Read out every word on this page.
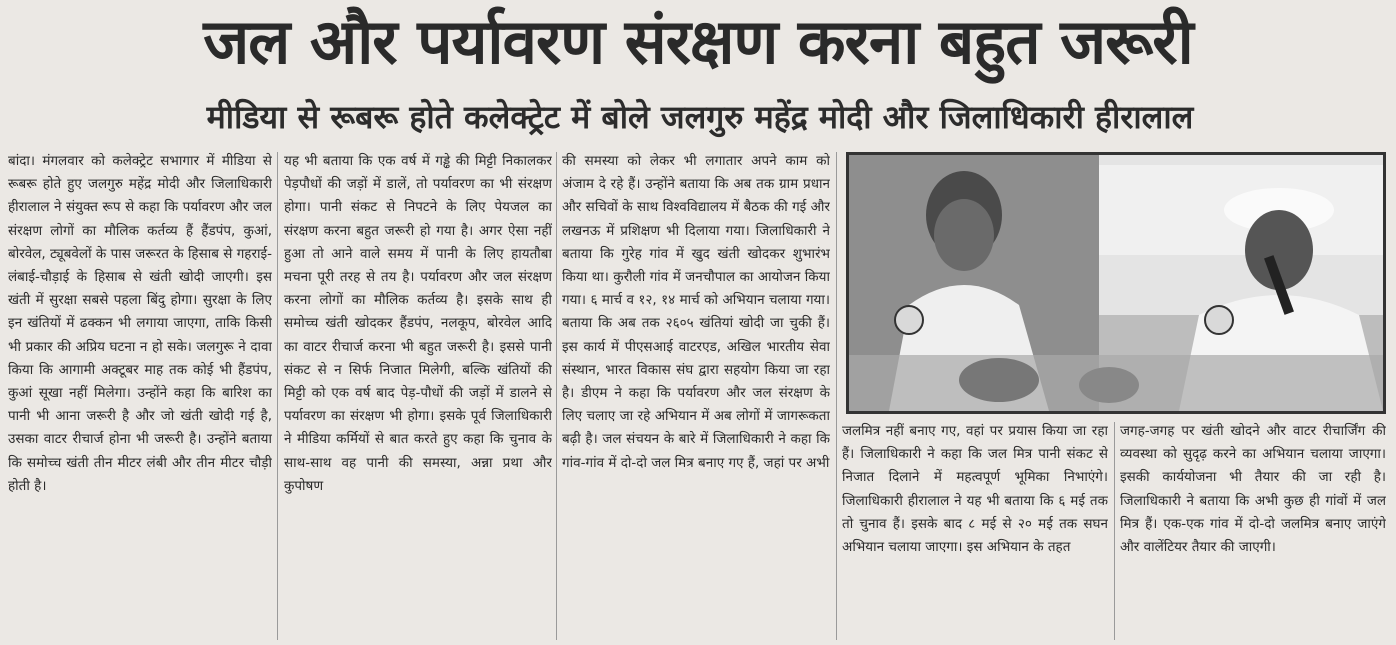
जल और पर्यावरण संरक्षण करना बहुत जरूरी
मीडिया से रूबरू होते कलेक्ट्रेट में बोले जलगुरु महेंद्र मोदी और जिलाधिकारी हीरालाल
बांदा। मंगलवार को कलेक्ट्रेट सभागार में मीडिया से रूबरू होते हुए जलगुरु महेंद्र मोदी और जिलाधिकारी हीरालाल ने संयुक्त रूप से कहा कि पर्यावरण और जल संरक्षण लोगों का मौलिक कर्तव्य हैं हैंडपंप, कुआं, बोरवेल, ट्यूबवेलों के पास जरूरत के हिसाब से गहराई-लंबाई-चौड़ाई के हिसाब से खंती खोदी जाएगी। इस खंती में सुरक्षा सबसे पहला बिंदु होगा। सुरक्षा के लिए इन खंतियों में ढक्कन भी लगाया जाएगा, ताकि किसी भी प्रकार की अप्रिय घटना न हो सके। जलगुरू ने दावा किया कि आगामी अक्टूबर माह तक कोई भी हैंडपंप, कुआं सूखा नहीं मिलेगा। उन्होंने कहा कि बारिश का पानी भी आना जरूरी है और जो खंती खोदी गई है, उसका वाटर रीचार्ज होना भी जरूरी है। उन्होंने बताया कि समोच्च खंती तीन मीटर लंबी और तीन मीटर चौड़ी होती है।
यह भी बताया कि एक वर्ष में गड्ढे की मिट्टी निकालकर पेड़पौधों की जड़ों में डालें, तो पर्यावरण का भी संरक्षण होगा। पानी संकट से निपटने के लिए पेयजल का संरक्षण करना बहुत जरूरी हो गया है। अगर ऐसा नहीं हुआ तो आने वाले समय में पानी के लिए हायतौबा मचना पूरी तरह से तय है। पर्यावरण और जल संरक्षण करना लोगों का मौलिक कर्तव्य है। इसके साथ ही समोच्च खंती खोदकर हैंडपंप, नलकूप, बोरवेल आदि का वाटर रीचार्ज करना भी बहुत जरूरी है। इससे पानी संकट से न सिर्फ निजात मिलेगी, बल्कि खंतियों की मिट्टी को एक वर्ष बाद पेड़-पौधों की जड़ों में डालने से पर्यावरण का संरक्षण भी होगा। इसके पूर्व जिलाधिकारी ने मीडिया कर्मियों से बात करते हुए कहा कि चुनाव के साथ-साथ वह पानी की समस्या, अन्ना प्रथा और कुपोषण
की समस्या को लेकर भी लगातार अपने काम को अंजाम दे रहे हैं। उन्होंने बताया कि अब तक ग्राम प्रधान और सचिवों के साथ विश्वविद्यालय में बैठक की गई और लखनऊ में प्रशिक्षण भी दिलाया गया। जिलाधिकारी ने बताया कि गुरेह गांव में खुद खंती खोदकर शुभारंभ किया था। कुरौली गांव में जनचौपाल का आयोजन किया गया। ६ मार्च व १२, १४ मार्च को अभियान चलाया गया। बताया कि अब तक २६०५ खंतियां खोदी जा चुकी हैं। इस कार्य में पीएसआई वाटरएड, अखिल भारतीय सेवा संस्थान, भारत विकास संघ द्वारा सहयोग किया जा रहा है। डीएम ने कहा कि पर्यावरण और जल संरक्षण के लिए चलाए जा रहे अभियान में अब लोगों में जागरूकता बढ़ी है। जल संचयन के बारे में जिलाधिकारी ने कहा कि गांव-गांव में दो-दो जल मित्र बनाए गए हैं, जहां पर अभी
जलमित्र नहीं बनाए गए, वहां पर प्रयास किया जा रहा हैं। जिलाधिकारी ने कहा कि जल मित्र पानी संकट से निजात दिलाने में महत्वपूर्ण भूमिका निभाएंगे। जिलाधिकारी हीरालाल ने यह भी बताया कि ६ मई तक तो चुनाव हैं। इसके बाद ८ मई से २० मई तक सघन अभियान चलाया जाएगा। इस अभियान के तहत
जगह-जगह पर खंती खोदने और वाटर रीचार्जिंग की व्यवस्था को सुदृढ़ करने का अभियान चलाया जाएगा। इसकी कार्ययोजना भी तैयार की जा रही है। जिलाधिकारी ने बताया कि अभी कुछ ही गांवों में जल मित्र हैं। एक-एक गांव में दो-दो जलमित्र बनाए जाएंगे और वालेंटियर तैयार की जाएगी।
